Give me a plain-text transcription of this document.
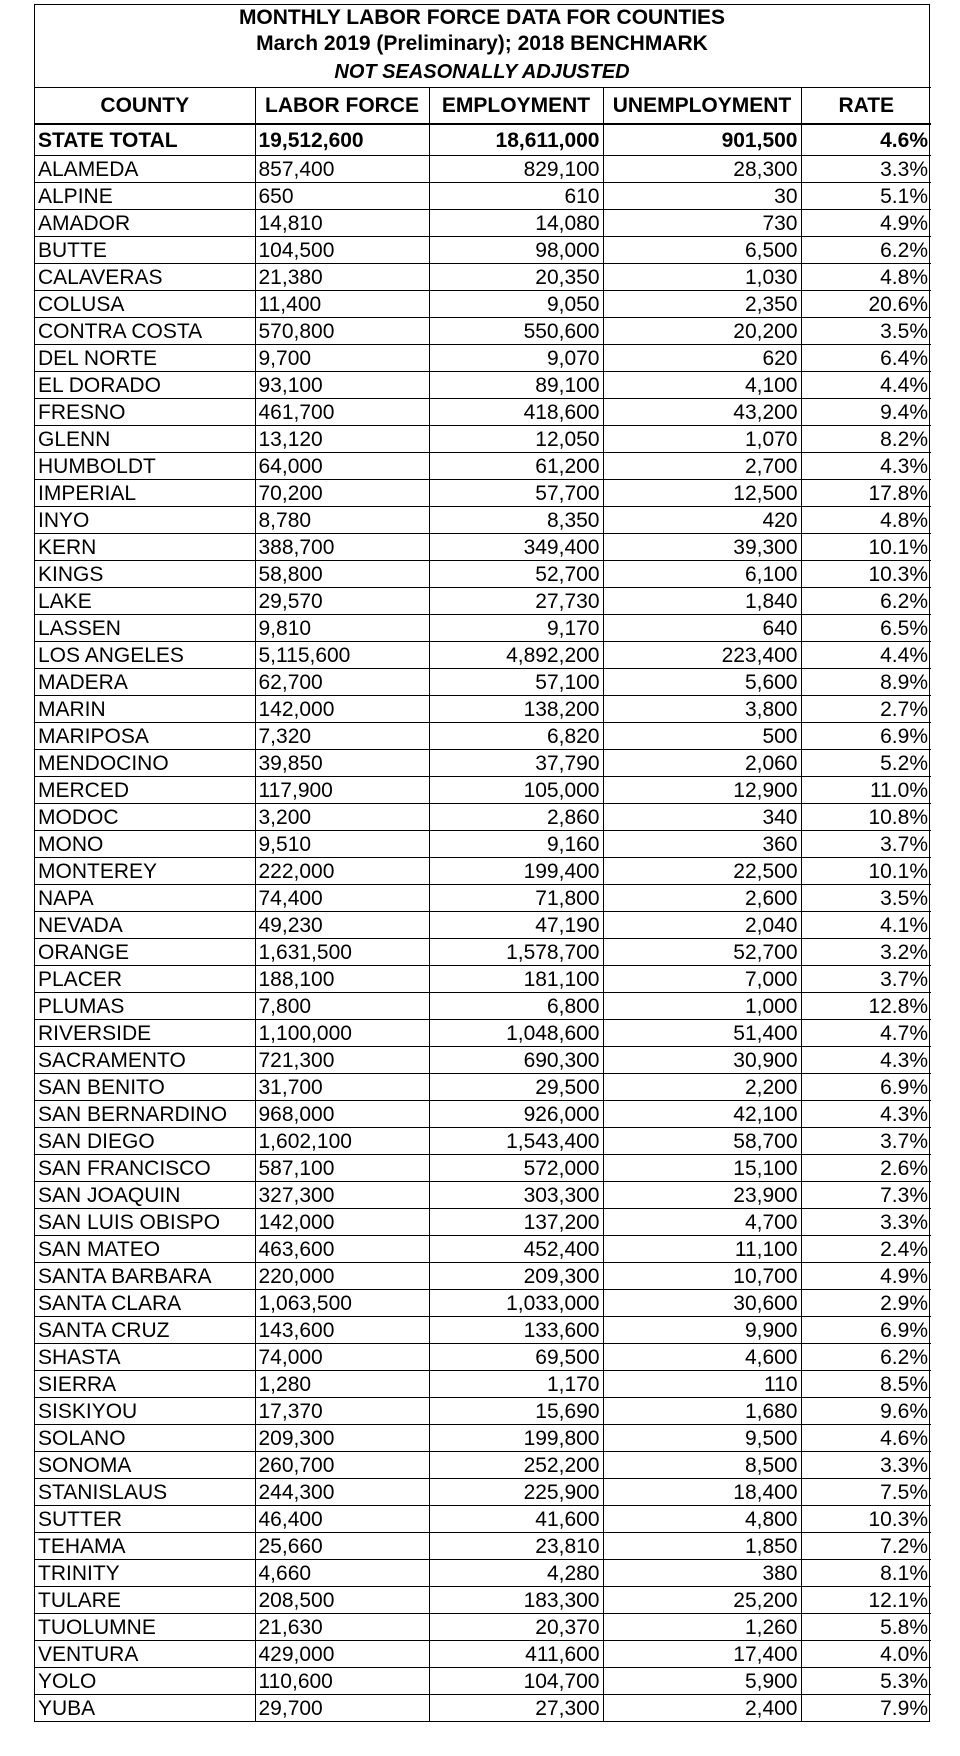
MONTHLY LABOR FORCE DATA FOR COUNTIES
March 2019 (Preliminary); 2018 BENCHMARK
NOT SEASONALLY ADJUSTED
COUNTY	LABOR FORCE	EMPLOYMENT	UNEMPLOYMENT	RATE
STATE TOTAL	19,512,600	18,611,000	901,500	4.6%
ALAMEDA	857,400	829,100	28,300	3.3%
ALPINE	650	610	30	5.1%
AMADOR	14,810	14,080	730	4.9%
BUTTE	104,500	98,000	6,500	6.2%
CALAVERAS	21,380	20,350	1,030	4.8%
COLUSA	11,400	9,050	2,350	20.6%
CONTRA COSTA	570,800	550,600	20,200	3.5%
DEL NORTE	9,700	9,070	620	6.4%
EL DORADO	93,100	89,100	4,100	4.4%
FRESNO	461,700	418,600	43,200	9.4%
GLENN	13,120	12,050	1,070	8.2%
HUMBOLDT	64,000	61,200	2,700	4.3%
IMPERIAL	70,200	57,700	12,500	17.8%
INYO	8,780	8,350	420	4.8%
KERN	388,700	349,400	39,300	10.1%
KINGS	58,800	52,700	6,100	10.3%
LAKE	29,570	27,730	1,840	6.2%
LASSEN	9,810	9,170	640	6.5%
LOS ANGELES	5,115,600	4,892,200	223,400	4.4%
MADERA	62,700	57,100	5,600	8.9%
MARIN	142,000	138,200	3,800	2.7%
MARIPOSA	7,320	6,820	500	6.9%
MENDOCINO	39,850	37,790	2,060	5.2%
MERCED	117,900	105,000	12,900	11.0%
MODOC	3,200	2,860	340	10.8%
MONO	9,510	9,160	360	3.7%
MONTEREY	222,000	199,400	22,500	10.1%
NAPA	74,400	71,800	2,600	3.5%
NEVADA	49,230	47,190	2,040	4.1%
ORANGE	1,631,500	1,578,700	52,700	3.2%
PLACER	188,100	181,100	7,000	3.7%
PLUMAS	7,800	6,800	1,000	12.8%
RIVERSIDE	1,100,000	1,048,600	51,400	4.7%
SACRAMENTO	721,300	690,300	30,900	4.3%
SAN BENITO	31,700	29,500	2,200	6.9%
SAN BERNARDINO	968,000	926,000	42,100	4.3%
SAN DIEGO	1,602,100	1,543,400	58,700	3.7%
SAN FRANCISCO	587,100	572,000	15,100	2.6%
SAN JOAQUIN	327,300	303,300	23,900	7.3%
SAN LUIS OBISPO	142,000	137,200	4,700	3.3%
SAN MATEO	463,600	452,400	11,100	2.4%
SANTA BARBARA	220,000	209,300	10,700	4.9%
SANTA CLARA	1,063,500	1,033,000	30,600	2.9%
SANTA CRUZ	143,600	133,600	9,900	6.9%
SHASTA	74,000	69,500	4,600	6.2%
SIERRA	1,280	1,170	110	8.5%
SISKIYOU	17,370	15,690	1,680	9.6%
SOLANO	209,300	199,800	9,500	4.6%
SONOMA	260,700	252,200	8,500	3.3%
STANISLAUS	244,300	225,900	18,400	7.5%
SUTTER	46,400	41,600	4,800	10.3%
TEHAMA	25,660	23,810	1,850	7.2%
TRINITY	4,660	4,280	380	8.1%
TULARE	208,500	183,300	25,200	12.1%
TUOLUMNE	21,630	20,370	1,260	5.8%
VENTURA	429,000	411,600	17,400	4.0%
YOLO	110,600	104,700	5,900	5.3%
YUBA	29,700	27,300	2,400	7.9%
